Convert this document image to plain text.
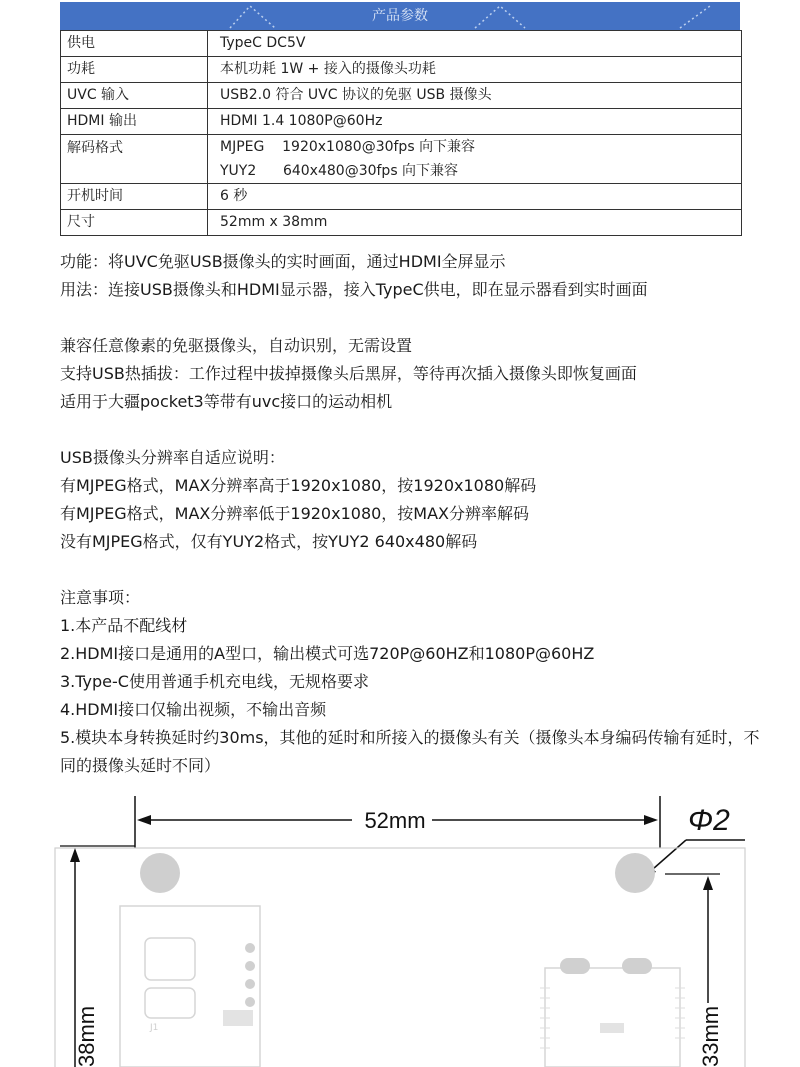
产品参数
供电	TypeC DC5V
功耗	本机功耗 1W + 接入的摄像头功耗
UVC 输入	USB2.0 符合 UVC 协议的免驱 USB 摄像头
HDMI 输出	HDMI 1.4 1080P@60Hz
解码格式	MJPEG    1920x1080@30fps 向下兼容
YUY2      640x480@30fps 向下兼容
开机时间	6 秒
尺寸	52mm x 38mm

功能：将UVC免驱USB摄像头的实时画面，通过HDMI全屏显示

用法：连接USB摄像头和HDMI显示器，接入TypeC供电，即在显示器看到实时画面

兼容任意像素的免驱摄像头，自动识别，无需设置

支持USB热插拔：工作过程中拔掉摄像头后黑屏，等待再次插入摄像头即恢复画面

适用于大疆pocket3等带有uvc接口的运动相机

USB摄像头分辨率自适应说明：

有MJPEG格式，MAX分辨率高于1920x1080，按1920x1080解码

有MJPEG格式，MAX分辨率低于1920x1080，按MAX分辨率解码

没有MJPEG格式，仅有YUY2格式，按YUY2 640x480解码

注意事项：

1.本产品不配线材

2.HDMI接口是通用的A型口，输出模式可选720P@60HZ和1080P@60HZ

3.Type-C使用普通手机充电线，无规格要求

4.HDMI接口仅输出视频，不输出音频

5.模块本身转换延时约30ms，其他的延时和所接入的摄像头有关（摄像头本身编码传输有延时，不同的摄像头延时不同）

52mm	Φ2
38mm	33mm
J1
